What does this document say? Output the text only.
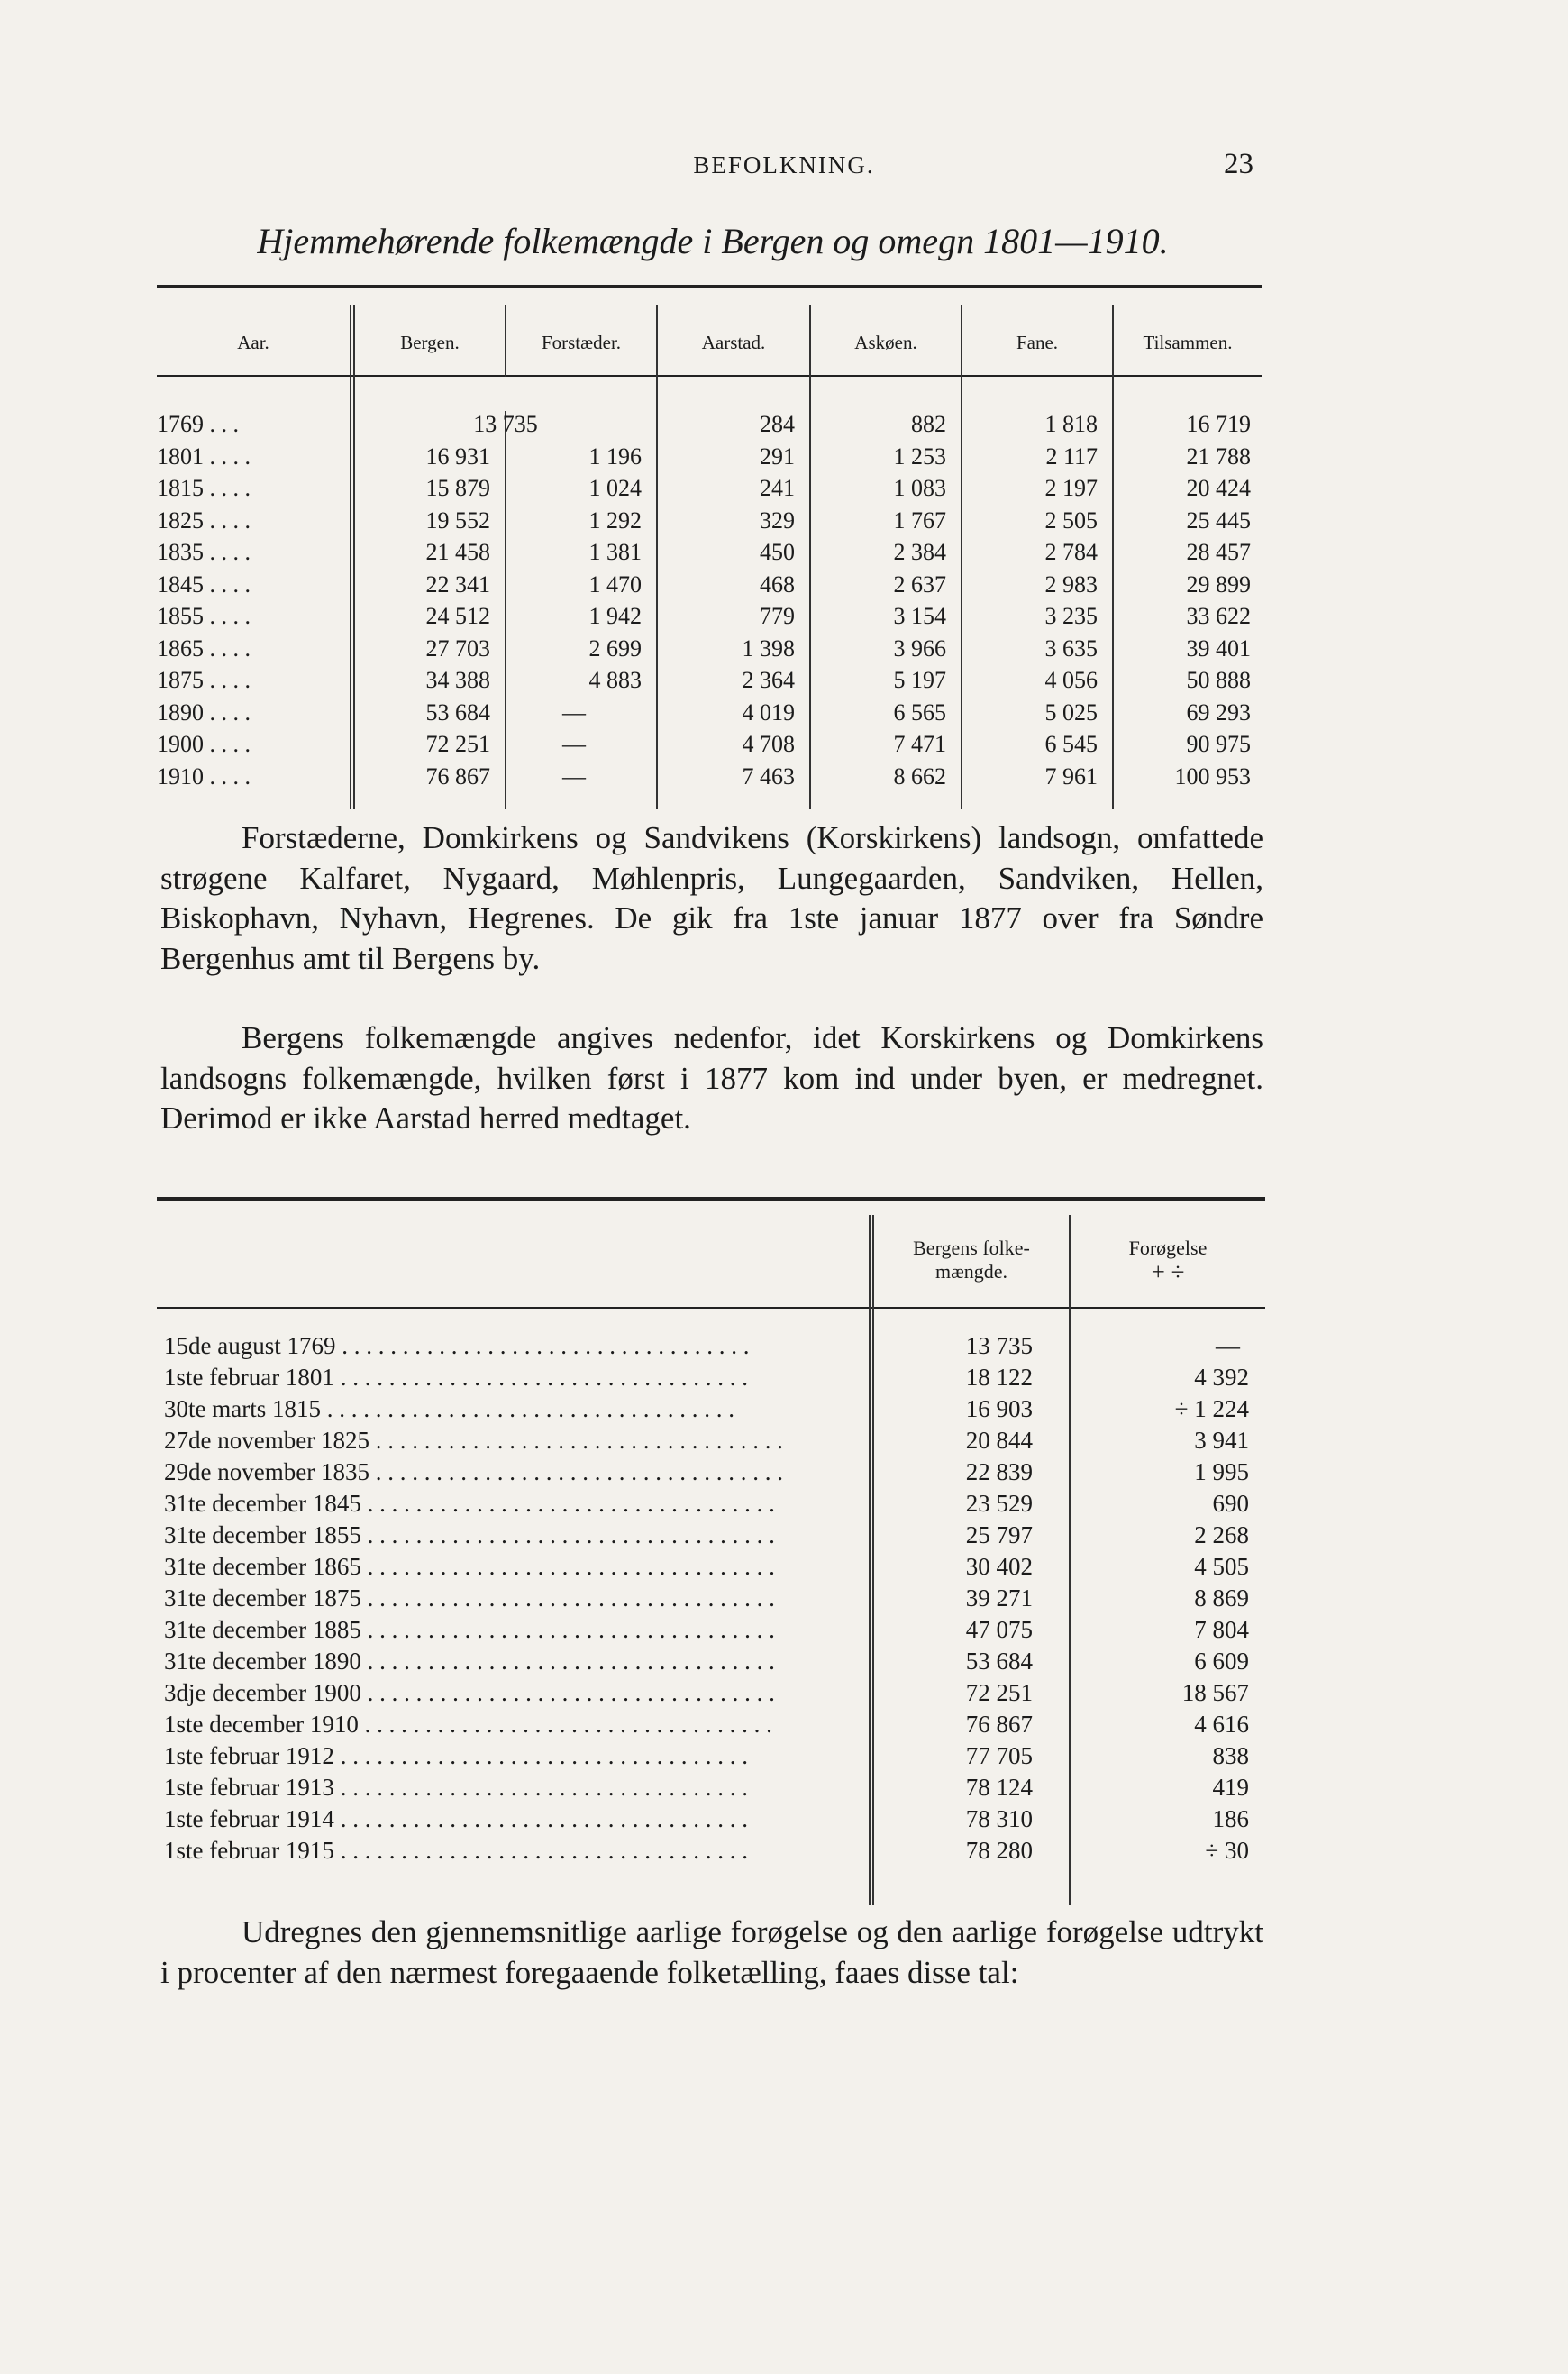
BEFOLKNING.	23
Hjemmehørende folkemængde i Bergen og omegn 1801—1910.
Aar.	Bergen.	Forstæder.	Aarstad.	Askøen.	Fane.	Tilsammen.
1769 . . .	13 735	284	882	1 818	16 719
1801 . . . .	16 931	1 196	291	1 253	2 117	21 788
1815 . . . .	15 879	1 024	241	1 083	2 197	20 424
1825 . . . .	19 552	1 292	329	1 767	2 505	25 445
1835 . . . .	21 458	1 381	450	2 384	2 784	28 457
1845 . . . .	22 341	1 470	468	2 637	2 983	29 899
1855 . . . .	24 512	1 942	779	3 154	3 235	33 622
1865 . . . .	27 703	2 699	1 398	3 966	3 635	39 401
1875 . . . .	34 388	4 883	2 364	5 197	4 056	50 888
1890 . . . .	53 684	—	4 019	6 565	5 025	69 293
1900 . . . .	72 251	—	4 708	7 471	6 545	90 975
1910 . . . .	76 867	—	7 463	8 662	7 961	100 953
Forstæderne, Domkirkens og Sandvikens (Korskirkens) landsogn, omfattede strøgene Kalfaret, Nygaard, Møhlenpris, Lungegaarden, Sandviken, Hellen, Biskophavn, Nyhavn, Hegrenes. De gik fra 1ste januar 1877 over fra Søndre Bergenhus amt til Bergens by.
Bergens folkemængde angives nedenfor, idet Korskirkens og Domkirkens landsogns folkemængde, hvilken først i 1877 kom ind under byen, er medregnet. Derimod er ikke Aarstad herred medtaget.
Bergens folke-
mængde.
Forøgelse
+ ÷
15de august 1769 . . . . . . . . . . . . . . . . . . . . . . . . . . . . . . . . . .	13 735	—
1ste februar 1801 . . . . . . . . . . . . . . . . . . . . . . . . . . . . . . . . . .	18 122	4 392
30te marts 1815 . . . . . . . . . . . . . . . . . . . . . . . . . . . . . . . . . .	16 903	÷ 1 224
27de november 1825 . . . . . . . . . . . . . . . . . . . . . . . . . . . . . . . . . .	20 844	3 941
29de november 1835 . . . . . . . . . . . . . . . . . . . . . . . . . . . . . . . . . .	22 839	1 995
31te december 1845 . . . . . . . . . . . . . . . . . . . . . . . . . . . . . . . . . .	23 529	690
31te december 1855 . . . . . . . . . . . . . . . . . . . . . . . . . . . . . . . . . .	25 797	2 268
31te december 1865 . . . . . . . . . . . . . . . . . . . . . . . . . . . . . . . . . .	30 402	4 505
31te december 1875 . . . . . . . . . . . . . . . . . . . . . . . . . . . . . . . . . .	39 271	8 869
31te december 1885 . . . . . . . . . . . . . . . . . . . . . . . . . . . . . . . . . .	47 075	7 804
31te december 1890 . . . . . . . . . . . . . . . . . . . . . . . . . . . . . . . . . .	53 684	6 609
3dje december 1900 . . . . . . . . . . . . . . . . . . . . . . . . . . . . . . . . . .	72 251	18 567
1ste december 1910 . . . . . . . . . . . . . . . . . . . . . . . . . . . . . . . . . .	76 867	4 616
1ste februar 1912 . . . . . . . . . . . . . . . . . . . . . . . . . . . . . . . . . .	77 705	838
1ste februar 1913 . . . . . . . . . . . . . . . . . . . . . . . . . . . . . . . . . .	78 124	419
1ste februar 1914 . . . . . . . . . . . . . . . . . . . . . . . . . . . . . . . . . .	78 310	186
1ste februar 1915 . . . . . . . . . . . . . . . . . . . . . . . . . . . . . . . . . .	78 280	÷ 30
Udregnes den gjennemsnitlige aarlige forøgelse og den aarlige forøgelse udtrykt i procenter af den nærmest foregaaende folketælling, faaes disse tal:
